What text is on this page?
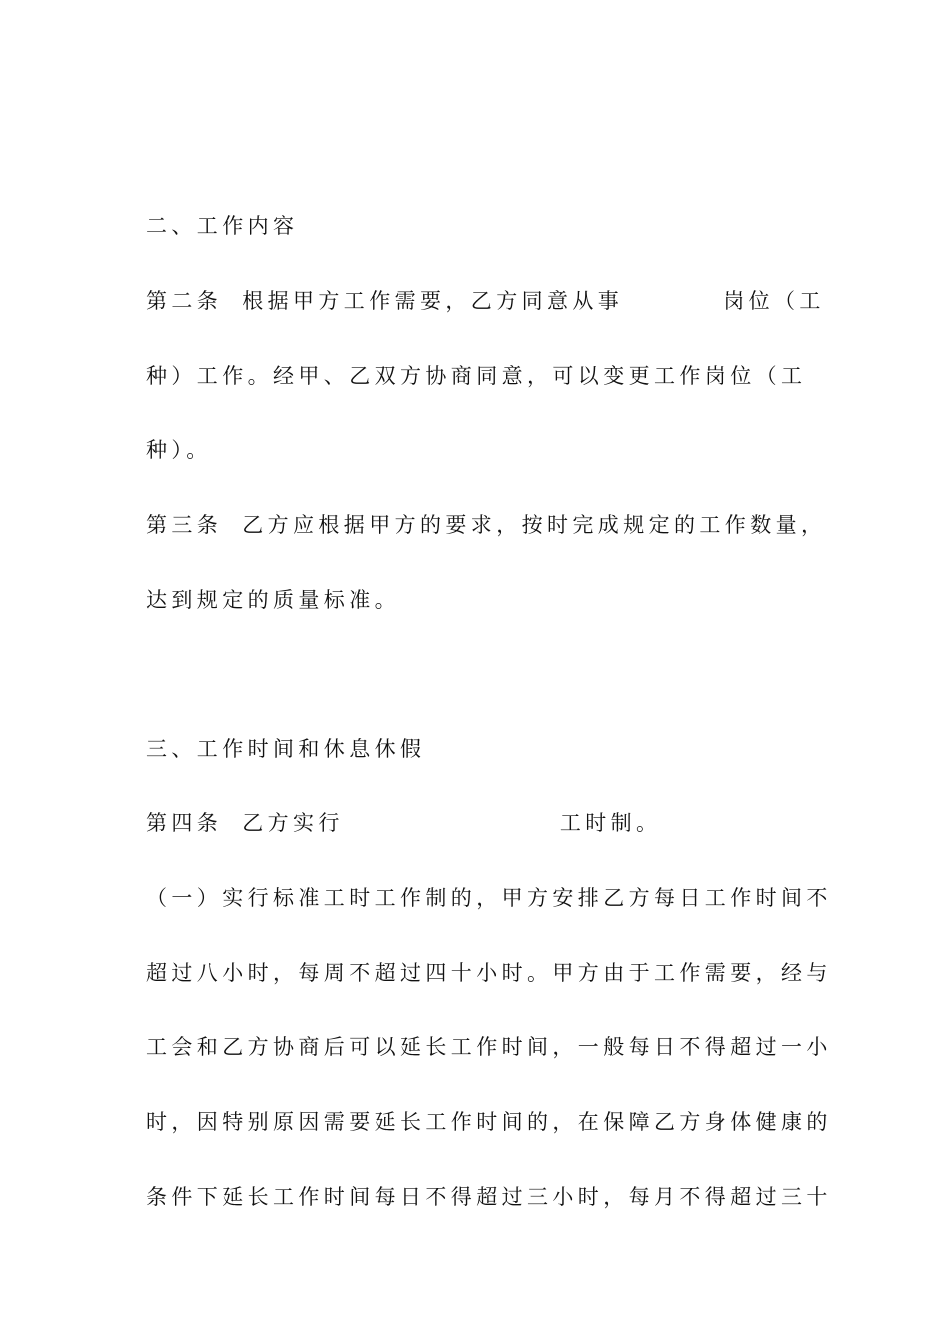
二、工作内容
第二条 根据甲方工作需要，乙方同意从事	岗位（工
种）工作。经甲、乙双方协商同意，可以变更工作岗位（工
种）。
第三条 乙方应根据甲方的要求，按时完成规定的工作数量，
达到规定的质量标准。
三、工作时间和休息休假
第四条 乙方实行	工时制。
（一）实行标准工时工作制的，甲方安排乙方每日工作时间不
超过八小时，每周不超过四十小时。甲方由于工作需要，经与
工会和乙方协商后可以延长工作时间，一般每日不得超过一小
时，因特别原因需要延长工作时间的，在保障乙方身体健康的
条件下延长工作时间每日不得超过三小时，每月不得超过三十
